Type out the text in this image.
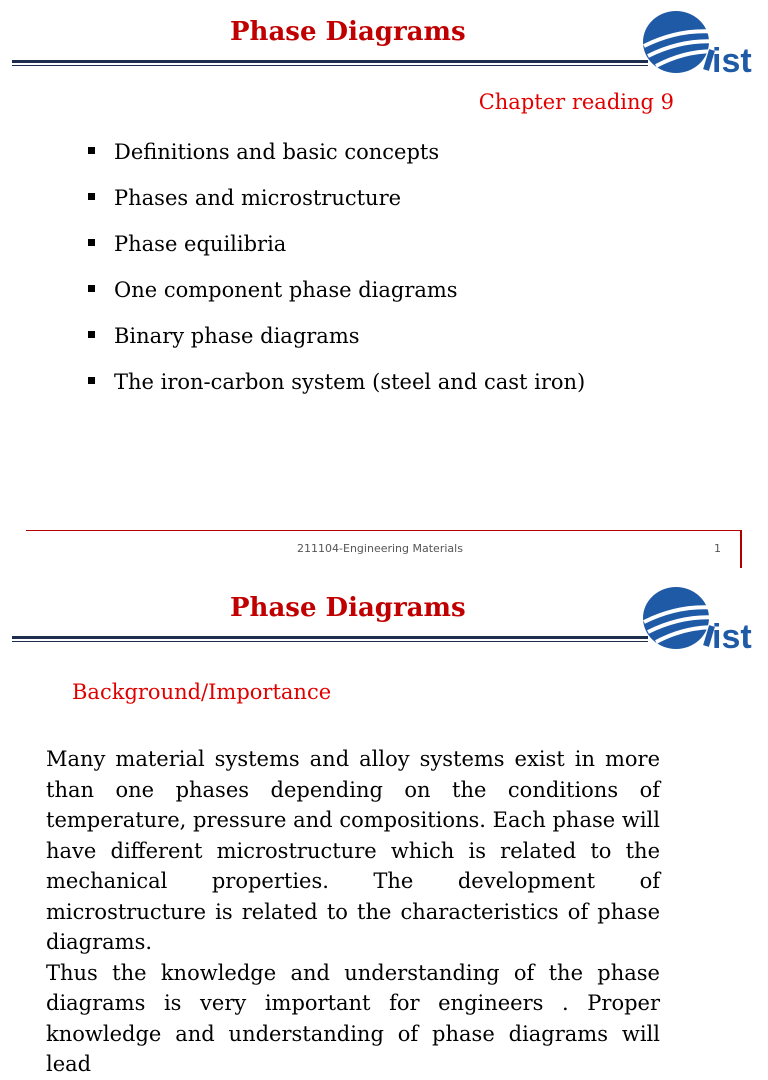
Phase Diagrams
ist
Chapter reading 9
Definitions and basic concepts
Phases and microstructure
Phase equilibria
One component phase diagrams
Binary phase diagrams
The iron-carbon system (steel and cast iron)
211104-Engineering Materials	1
Phase Diagrams
ist
Background/Importance

Many material systems and alloy systems exist in more than one phases depending on the conditions of temperature, pressure and compositions. Each phase will have different microstructure which is related to the mechanical properties. The development of microstructure is related to the characteristics of phase diagrams.

Thus the knowledge and understanding of the phase diagrams is very important for engineers . Proper knowledge and understanding of phase diagrams will lead
